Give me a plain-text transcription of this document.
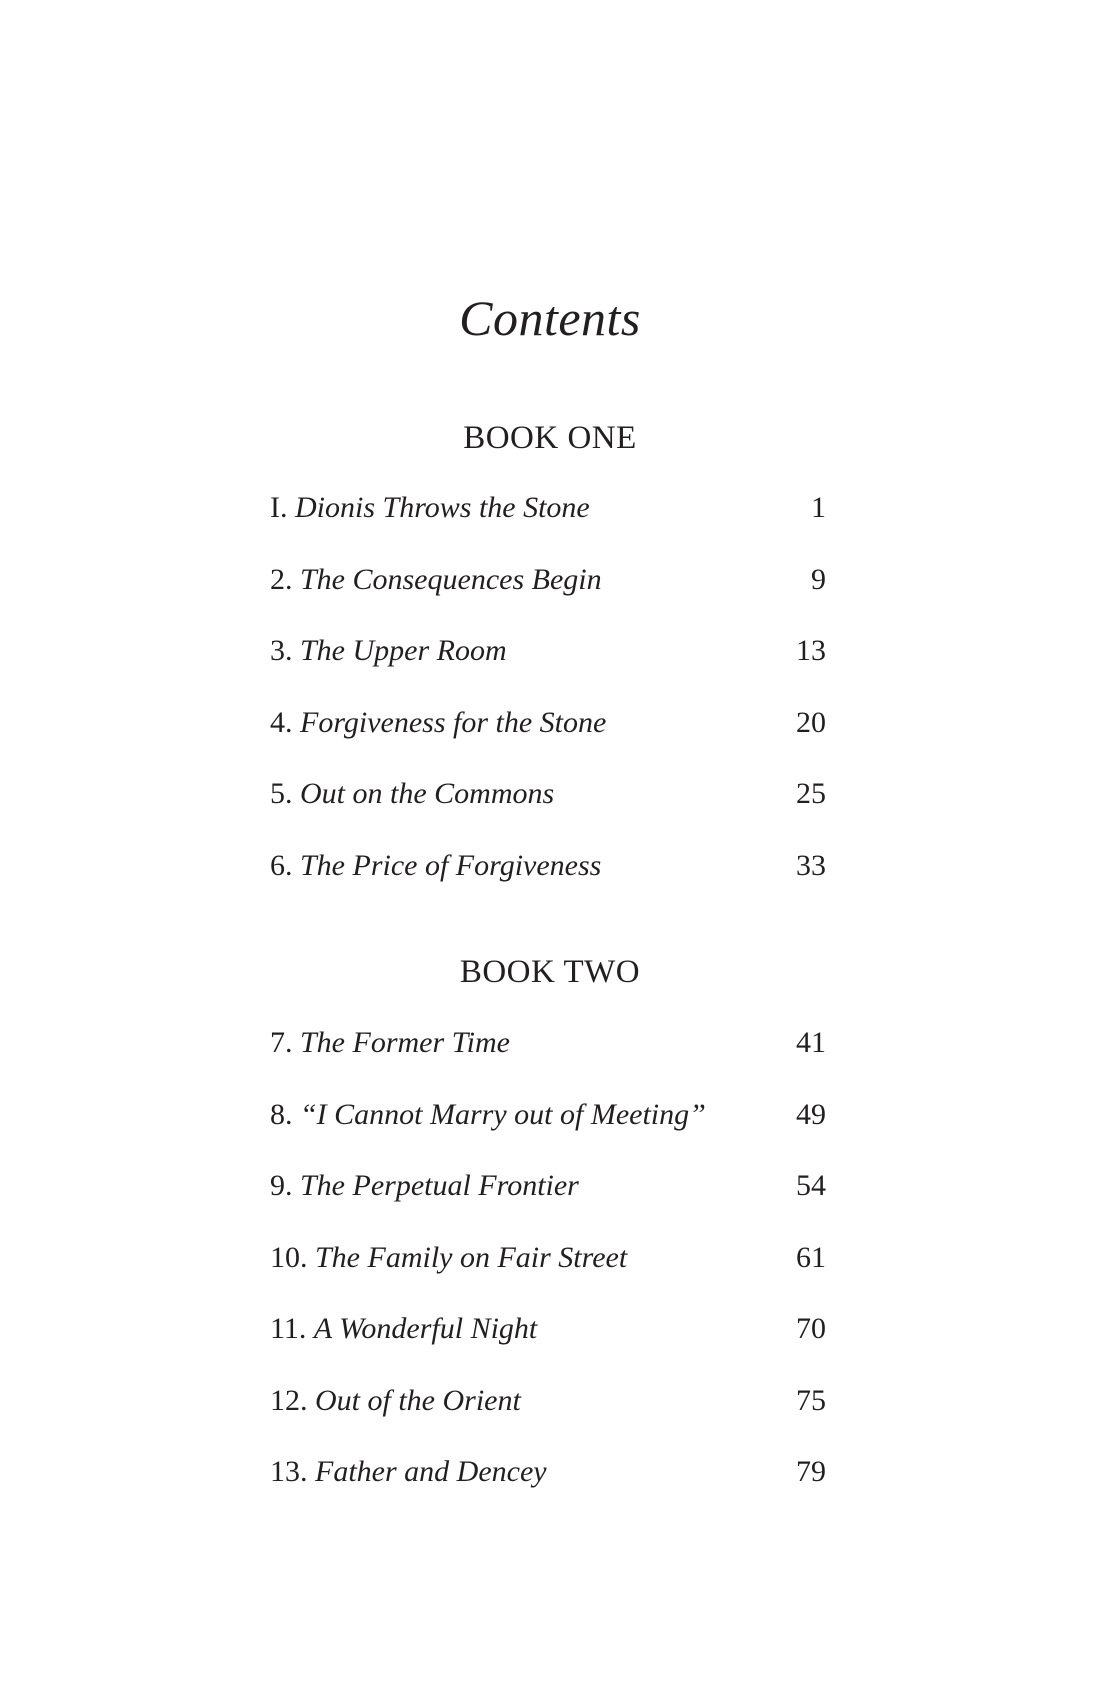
Contents
BOOK ONE
I. Dionis Throws the Stone	1
2. The Consequences Begin	9
3. The Upper Room	13
4. Forgiveness for the Stone	20
5. Out on the Commons	25
6. The Price of Forgiveness	33
BOOK TWO
7. The Former Time	41
8. “I Cannot Marry out of Meeting”	49
9. The Perpetual Frontier	54
10. The Family on Fair Street	61
11. A Wonderful Night	70
12. Out of the Orient	75
13. Father and Dencey	79
